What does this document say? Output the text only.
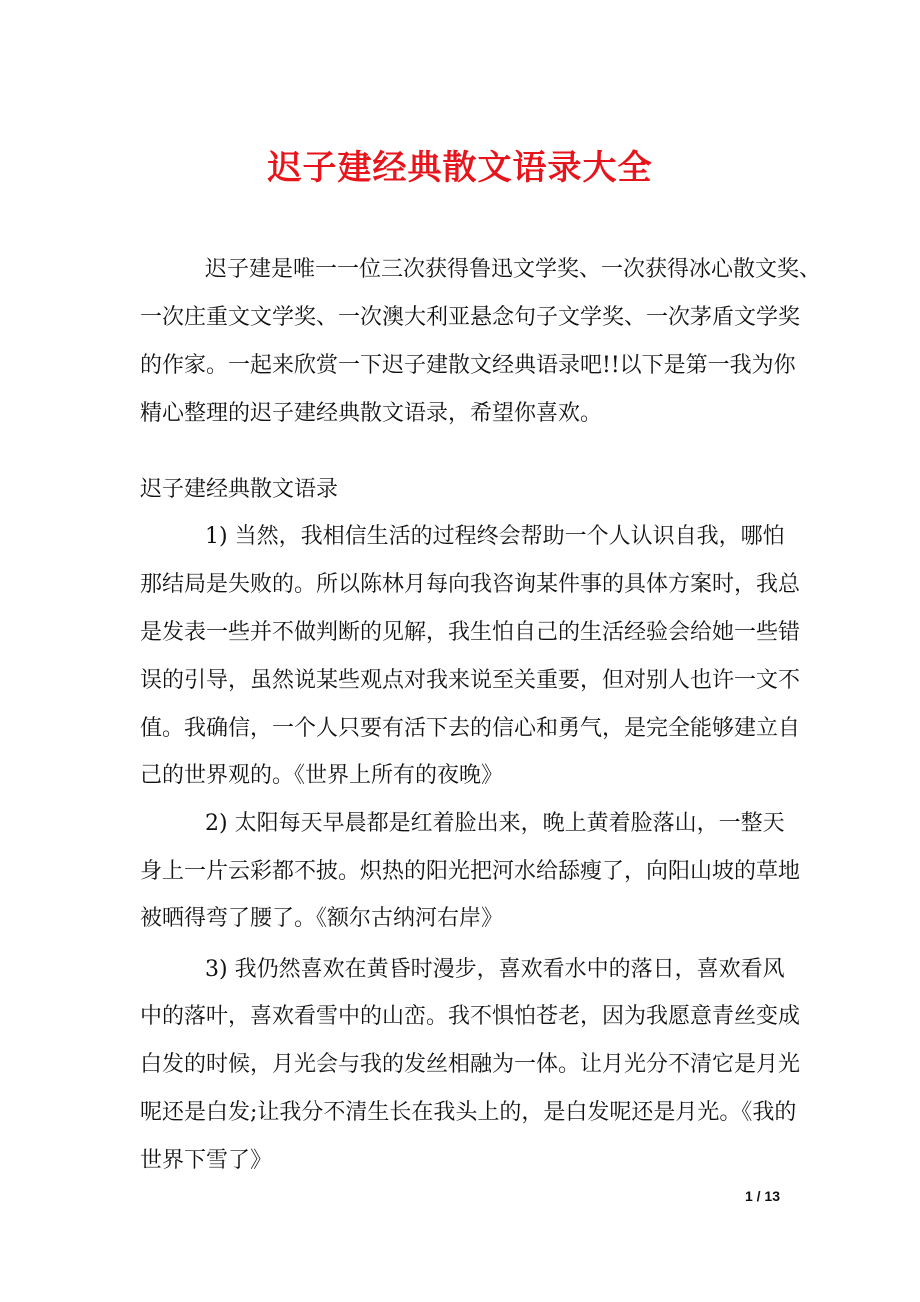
迟子建经典散文语录大全
迟子建是唯一一位三次获得鲁迅文学奖、一次获得冰心散文奖、
一次庄重文文学奖、一次澳大利亚悬念句子文学奖、一次茅盾文学奖
的作家。一起来欣赏一下迟子建散文经典语录吧!!以下是第一我为你
精心整理的迟子建经典散文语录，希望你喜欢。
迟子建经典散文语录
1) 当然，我相信生活的过程终会帮助一个人认识自我，哪怕
那结局是失败的。所以陈林月每向我咨询某件事的具体方案时，我总
是发表一些并不做判断的见解，我生怕自己的生活经验会给她一些错
误的引导，虽然说某些观点对我来说至关重要，但对别人也许一文不
值。我确信，一个人只要有活下去的信心和勇气，是完全能够建立自
己的世界观的。《世界上所有的夜晚》
2) 太阳每天早晨都是红着脸出来，晚上黄着脸落山，一整天
身上一片云彩都不披。炽热的阳光把河水给舔瘦了，向阳山坡的草地
被晒得弯了腰了。《额尔古纳河右岸》
3) 我仍然喜欢在黄昏时漫步，喜欢看水中的落日，喜欢看风
中的落叶，喜欢看雪中的山峦。我不惧怕苍老，因为我愿意青丝变成
白发的时候，月光会与我的发丝相融为一体。让月光分不清它是月光
呢还是白发;让我分不清生长在我头上的，是白发呢还是月光。《我的
世界下雪了》
1 / 13
